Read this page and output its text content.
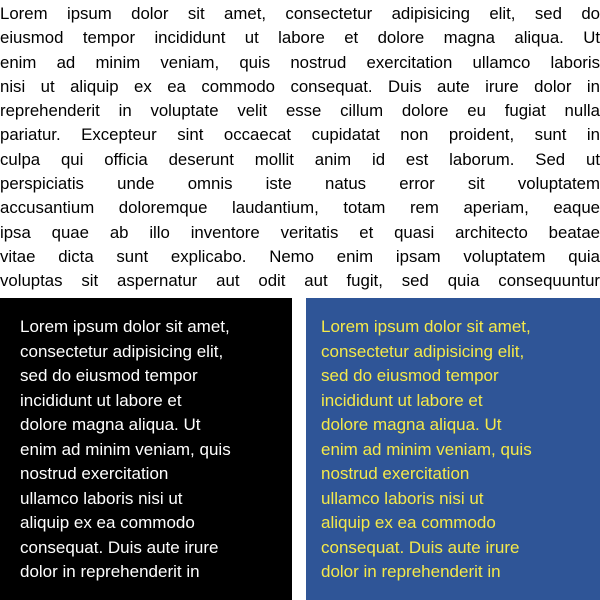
Lorem ipsum dolor sit amet, consectetur adipisicing elit, sed do
eiusmod tempor incididunt ut labore et dolore magna aliqua. Ut
enim ad minim veniam, quis nostrud exercitation ullamco laboris
nisi ut aliquip ex ea commodo consequat. Duis aute irure dolor in
reprehenderit in voluptate velit esse cillum dolore eu fugiat nulla
pariatur. Excepteur sint occaecat cupidatat non proident, sunt in
culpa qui officia deserunt mollit anim id est laborum. Sed ut
perspiciatis unde omnis iste natus error sit voluptatem
accusantium doloremque laudantium, totam rem aperiam, eaque
ipsa quae ab illo inventore veritatis et quasi architecto beatae
vitae dicta sunt explicabo. Nemo enim ipsam voluptatem quia
voluptas sit aspernatur aut odit aut fugit, sed quia consequuntur
Lorem ipsum dolor sit amet,
consectetur adipisicing elit,
sed do eiusmod tempor
incididunt ut labore et
dolore magna aliqua. Ut
enim ad minim veniam, quis
nostrud exercitation
ullamco laboris nisi ut
aliquip ex ea commodo
consequat. Duis aute irure
dolor in reprehenderit in
Lorem ipsum dolor sit amet,
consectetur adipisicing elit,
sed do eiusmod tempor
incididunt ut labore et
dolore magna aliqua. Ut
enim ad minim veniam, quis
nostrud exercitation
ullamco laboris nisi ut
aliquip ex ea commodo
consequat. Duis aute irure
dolor in reprehenderit in
